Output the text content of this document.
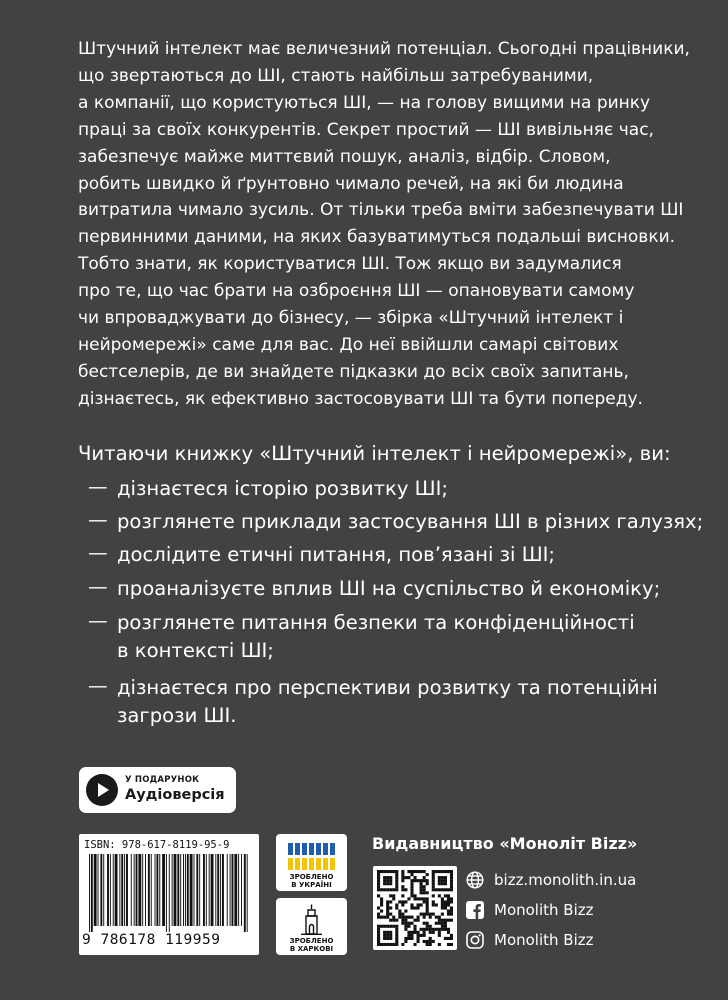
Штучний інтелект має величезний потенціал. Сьогодні працівники,
що звертаються до ШІ, стають найбільш затребуваними,
а компанії, що користуються ШІ, — на голову вищими на ринку
праці за своїх конкурентів. Секрет простий — ШІ вивільняє час,
забезпечує майже миттєвий пошук, аналіз, відбір. Словом,
робить швидко й ґрунтовно чимало речей, на які би людина
витратила чимало зусиль. От тільки треба вміти забезпечувати ШІ
первинними даними, на яких базуватимуться подальші висновки.
Тобто знати, як користуватися ШІ. Тож якщо ви задумалися
про те, що час брати на озброєння ШІ — опановувати самому
чи впроваджувати до бізнесу, — збірка «Штучний інтелект і
нейромережі» саме для вас. До неї ввійшли самарі світових
бестселерів, де ви знайдете підказки до всіх своїх запитань,
дізнаєтесь, як ефективно застосовувати ШІ та бути попереду.
Читаючи книжку «Штучний інтелект і нейромережі», ви:
— дізнаєтеся історію розвитку ШІ;
— розглянете приклади застосування ШІ в різних галузях;
— дослідите етичні питання, пов’язані зі ШІ;
— проаналізуєте вплив ШІ на суспільство й економіку;
— розглянете питання безпеки та конфіденційності
в контексті ШІ;
— дізнаєтеся про перспективи розвитку та потенційні
загрози ШІ.
У ПОДАРУНОК
Аудіоверсія
ISBN: 978-617-8119-95-9
9 786178 119959
ЗРОБЛЕНО
В УКРАЇНІ
ЗРОБЛЕНО
В ХАРКОВІ
Видавництво «Моноліт Bizz»
bizz.monolith.in.ua
Monolith Bizz
Monolith Bizz
